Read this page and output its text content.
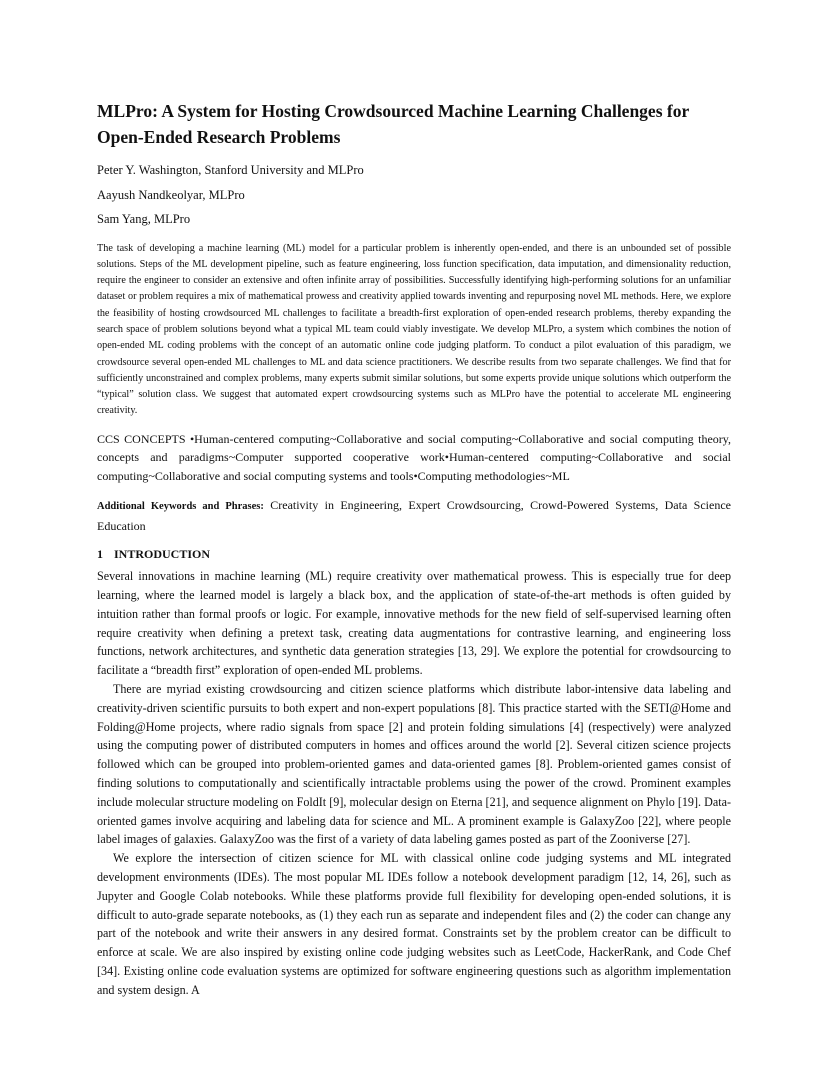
MLPro: A System for Hosting Crowdsourced Machine Learning Challenges for Open-Ended Research Problems

Peter Y. Washington, Stanford University and MLPro

Aayush Nandkeolyar, MLPro

Sam Yang, MLPro

The task of developing a machine learning (ML) model for a particular problem is inherently open-ended, and there is an unbounded set of possible solutions. Steps of the ML development pipeline, such as feature engineering, loss function specification, data imputation, and dimensionality reduction, require the engineer to consider an extensive and often infinite array of possibilities. Successfully identifying high-performing solutions for an unfamiliar dataset or problem requires a mix of mathematical prowess and creativity applied towards inventing and repurposing novel ML methods. Here, we explore the feasibility of hosting crowdsourced ML challenges to facilitate a breadth-first exploration of open-ended research problems, thereby expanding the search space of problem solutions beyond what a typical ML team could viably investigate. We develop MLPro, a system which combines the notion of open-ended ML coding problems with the concept of an automatic online code judging platform. To conduct a pilot evaluation of this paradigm, we crowdsource several open-ended ML challenges to ML and data science practitioners. We describe results from two separate challenges. We find that for sufficiently unconstrained and complex problems, many experts submit similar solutions, but some experts provide unique solutions which outperform the “typical” solution class. We suggest that automated expert crowdsourcing systems such as MLPro have the potential to accelerate ML engineering creativity.

CCS CONCEPTS •Human-centered computing~Collaborative and social computing~Collaborative and social computing theory, concepts and paradigms~Computer supported cooperative work•Human-centered computing~Collaborative and social computing~Collaborative and social computing systems and tools•Computing methodologies~ML

Additional Keywords and Phrases: Creativity in Engineering, Expert Crowdsourcing, Crowd-Powered Systems, Data Science Education

1 INTRODUCTION

Several innovations in machine learning (ML) require creativity over mathematical prowess. This is especially true for deep learning, where the learned model is largely a black box, and the application of state-of-the-art methods is often guided by intuition rather than formal proofs or logic. For example, innovative methods for the new field of self-supervised learning often require creativity when defining a pretext task, creating data augmentations for contrastive learning, and engineering loss functions, network architectures, and synthetic data generation strategies [13, 29]. We explore the potential for crowdsourcing to facilitate a “breadth first” exploration of open-ended ML problems.

There are myriad existing crowdsourcing and citizen science platforms which distribute labor-intensive data labeling and creativity-driven scientific pursuits to both expert and non-expert populations [8]. This practice started with the SETI@Home and Folding@Home projects, where radio signals from space [2] and protein folding simulations [4] (respectively) were analyzed using the computing power of distributed computers in homes and offices around the world [2]. Several citizen science projects followed which can be grouped into problem-oriented games and data-oriented games [8]. Problem-oriented games consist of finding solutions to computationally and scientifically intractable problems using the power of the crowd. Prominent examples include molecular structure modeling on FoldIt [9], molecular design on Eterna [21], and sequence alignment on Phylo [19]. Data-oriented games involve acquiring and labeling data for science and ML. A prominent example is GalaxyZoo [22], where people label images of galaxies. GalaxyZoo was the first of a variety of data labeling games posted as part of the Zooniverse [27].

We explore the intersection of citizen science for ML with classical online code judging systems and ML integrated development environments (IDEs). The most popular ML IDEs follow a notebook development paradigm [12, 14, 26], such as Jupyter and Google Colab notebooks. While these platforms provide full flexibility for developing open-ended solutions, it is difficult to auto-grade separate notebooks, as (1) they each run as separate and independent files and (2) the coder can change any part of the notebook and write their answers in any desired format. Constraints set by the problem creator can be difficult to enforce at scale. We are also inspired by existing online code judging websites such as LeetCode, HackerRank, and Code Chef [34]. Existing online code evaluation systems are optimized for software engineering questions such as algorithm implementation and system design. A
